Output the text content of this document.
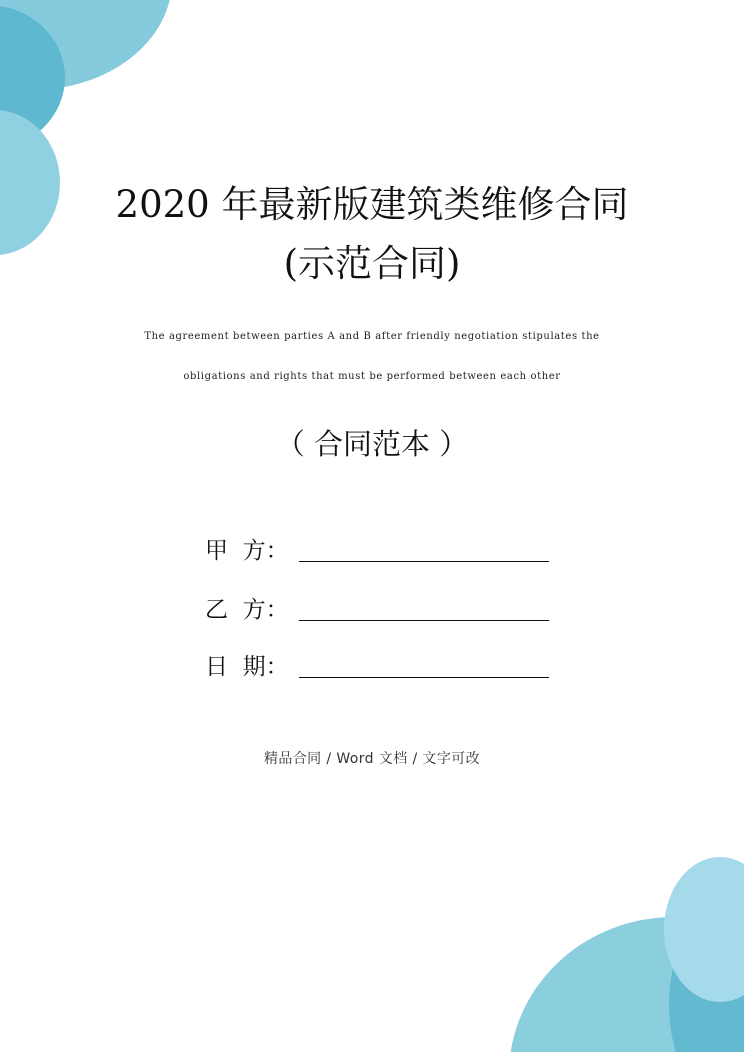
2020 年最新版建筑类维修合同
(示范合同)
The agreement between parties A and B after friendly negotiation stipulates the
obligations and rights that must be performed between each other
（ 合同范本 ）
甲  方：
乙  方：
日  期：
精品合同 / Word 文档 / 文字可改
